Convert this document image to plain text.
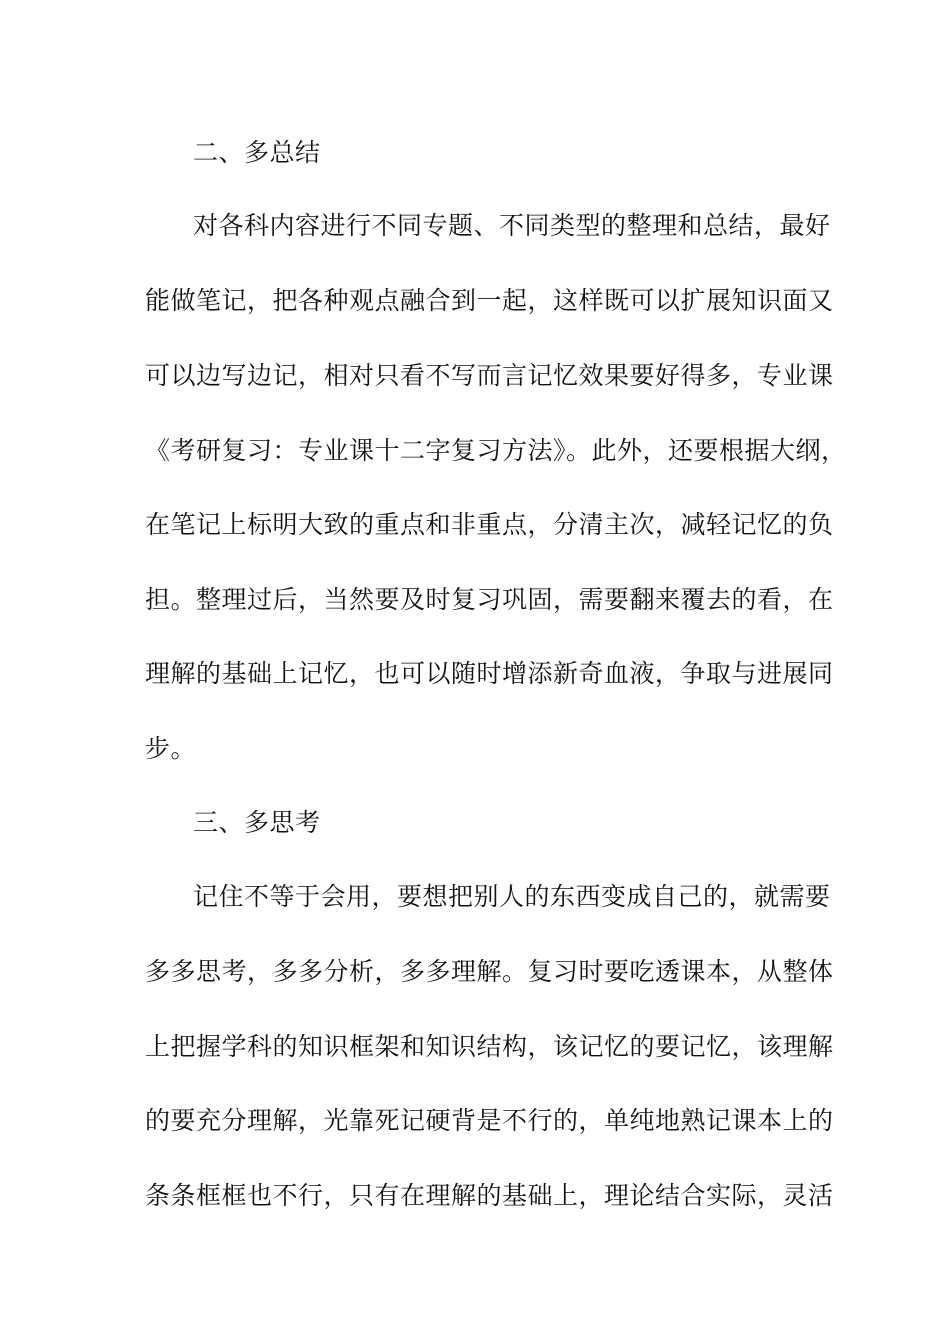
二、多总结
对各科内容进行不同专题、不同类型的整理和总结，最好
能做笔记，把各种观点融合到一起，这样既可以扩展知识面又
可以边写边记，相对只看不写而言记忆效果要好得多，专业课
《考研复习：专业课十二字复习方法》。此外，还要根据大纲，
在笔记上标明大致的重点和非重点，分清主次，减轻记忆的负
担。整理过后，当然要及时复习巩固，需要翻来覆去的看，在
理解的基础上记忆，也可以随时增添新奇血液，争取与进展同
步。
三、多思考
记住不等于会用，要想把别人的东西变成自己的，就需要
多多思考，多多分析，多多理解。复习时要吃透课本，从整体
上把握学科的知识框架和知识结构，该记忆的要记忆，该理解
的要充分理解，光靠死记硬背是不行的，单纯地熟记课本上的
条条框框也不行，只有在理解的基础上，理论结合实际，灵活
